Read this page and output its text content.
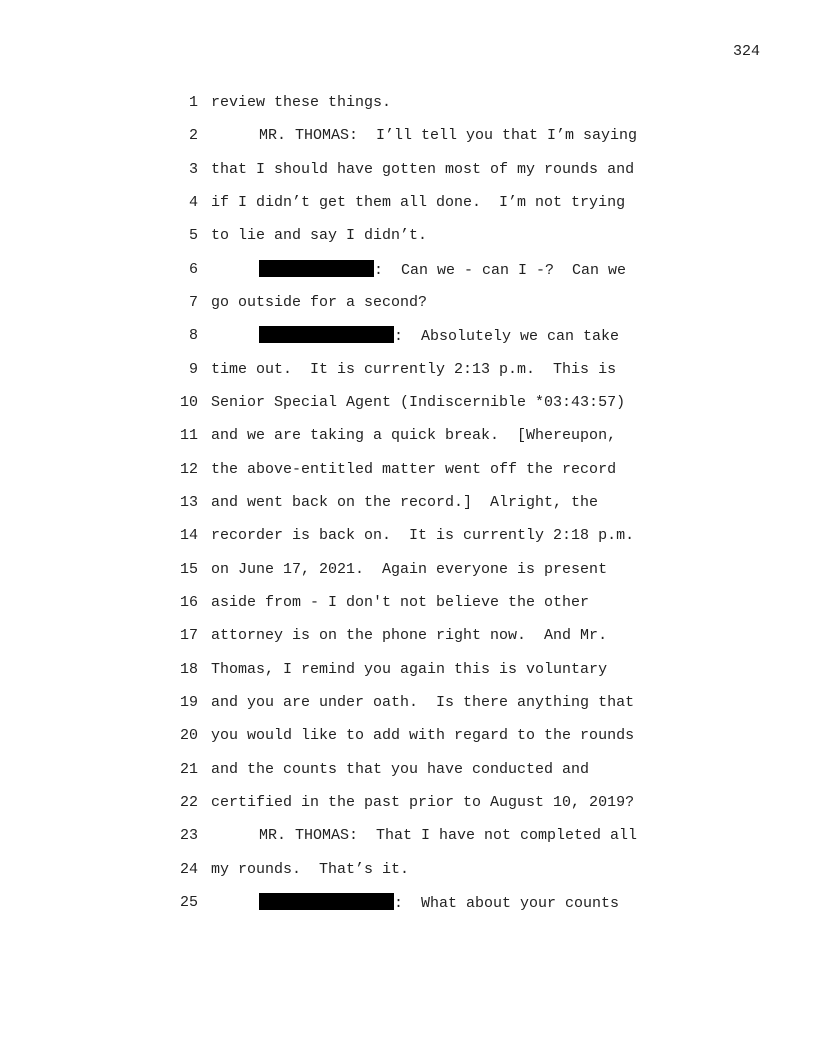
324
1 review these things.
2	MR. THOMAS:  I’ll tell you that I’m saying
3 that I should have gotten most of my rounds and
4 if I didn’t get them all done.  I’m not trying
5 to lie and say I didn’t.
6	:  Can we - can I -?  Can we
7 go outside for a second?
8	:  Absolutely we can take
9 time out.  It is currently 2:13 p.m.  This is
10 Senior Special Agent (Indiscernible *03:43:57)
11 and we are taking a quick break.  [Whereupon,
12 the above-entitled matter went off the record
13 and went back on the record.]  Alright, the
14 recorder is back on.  It is currently 2:18 p.m.
15 on June 17, 2021.  Again everyone is present
16 aside from - I don't not believe the other
17 attorney is on the phone right now.  And Mr.
18 Thomas, I remind you again this is voluntary
19 and you are under oath.  Is there anything that
20 you would like to add with regard to the rounds
21 and the counts that you have conducted and
22 certified in the past prior to August 10, 2019?
23	MR. THOMAS:  That I have not completed all
24 my rounds.  That’s it.
25	:  What about your counts
